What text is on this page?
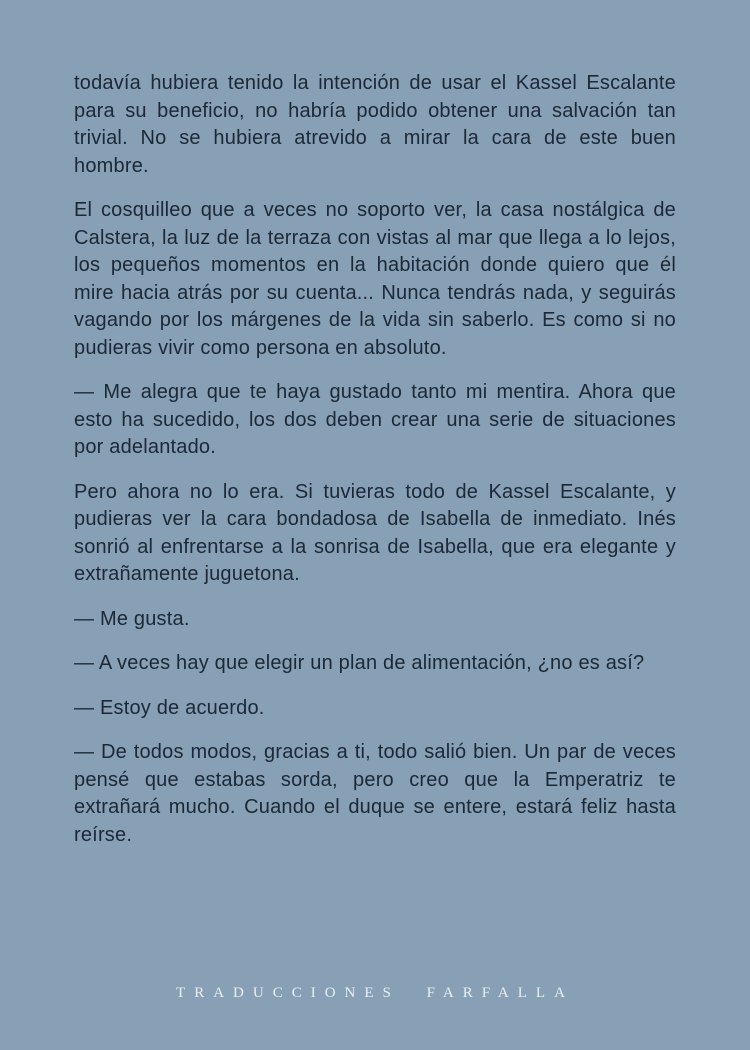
todavía hubiera tenido la intención de usar el Kassel Escalante para su beneficio, no habría podido obtener una salvación tan trivial. No se hubiera atrevido a mirar la cara de este buen hombre.

El cosquilleo que a veces no soporto ver, la casa nostálgica de Calstera, la luz de la terraza con vistas al mar que llega a lo lejos, los pequeños momentos en la habitación donde quiero que él mire hacia atrás por su cuenta... Nunca tendrás nada, y seguirás vagando por los márgenes de la vida sin saberlo. Es como si no pudieras vivir como persona en absoluto.

— Me alegra que te haya gustado tanto mi mentira. Ahora que esto ha sucedido, los dos deben crear una serie de situaciones por adelantado.

Pero ahora no lo era. Si tuvieras todo de Kassel Escalante, y pudieras ver la cara bondadosa de Isabella de inmediato. Inés sonrió al enfrentarse a la sonrisa de Isabella, que era elegante y extrañamente juguetona.

— Me gusta.

— A veces hay que elegir un plan de alimentación, ¿no es así?

— Estoy de acuerdo.

— De todos modos, gracias a ti, todo salió bien. Un par de veces pensé que estabas sorda, pero creo que la Emperatriz te extrañará mucho. Cuando el duque se entere, estará feliz hasta reírse.

TRADUCCIONES FARFALLA
